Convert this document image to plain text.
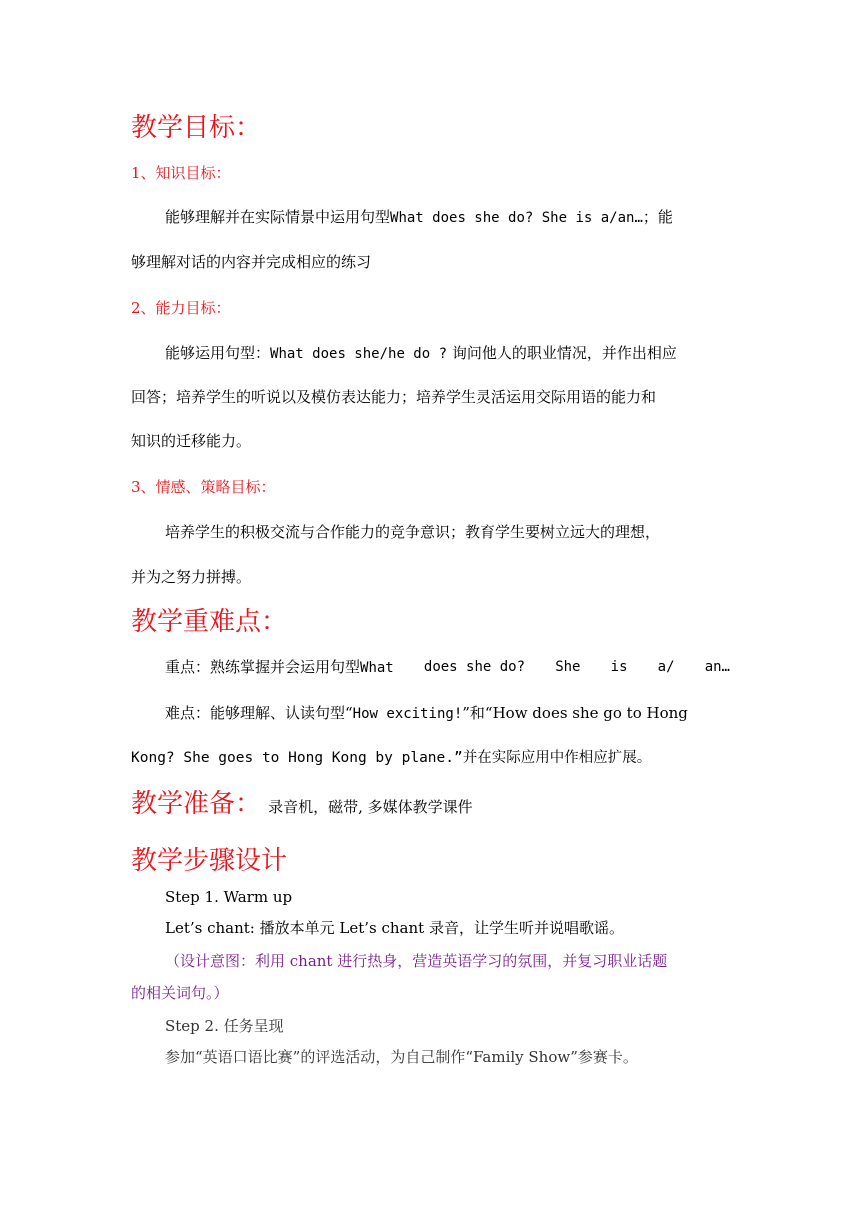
教学目标：
1、知识目标：
能够理解并在实际情景中运用句型What does she do? She is a/an…；能
够理解对话的内容并完成相应的练习
2、能力目标：
能够运用句型：What does she/he do ? 询问他人的职业情况，并作出相应
回答；培养学生的听说以及模仿表达能力；培养学生灵活运用交际用语的能力和
知识的迁移能力。
3、情感、策略目标：
培养学生的积极交流与合作能力的竞争意识；教育学生要树立远大的理想，
并为之努力拼搏。
教学重难点：
重点：熟练掌握并会运用句型What does she do? She is a/ an…
难点：能够理解、认读句型“How exciting!”和“How does she go to Hong
Kong? She goes to Hong Kong by plane.”并在实际应用中作相应扩展。
教学准备： 录音机，磁带, 多媒体教学课件
教学步骤设计
Step 1. Warm up
Let’s chant: 播放本单元 Let’s chant 录音，让学生听并说唱歌谣。
（设计意图：利用 chant 进行热身，营造英语学习的氛围，并复习职业话题
的相关词句。）
Step 2. 任务呈现
参加“英语口语比赛”的评选活动，为自己制作“Family Show”参赛卡。
